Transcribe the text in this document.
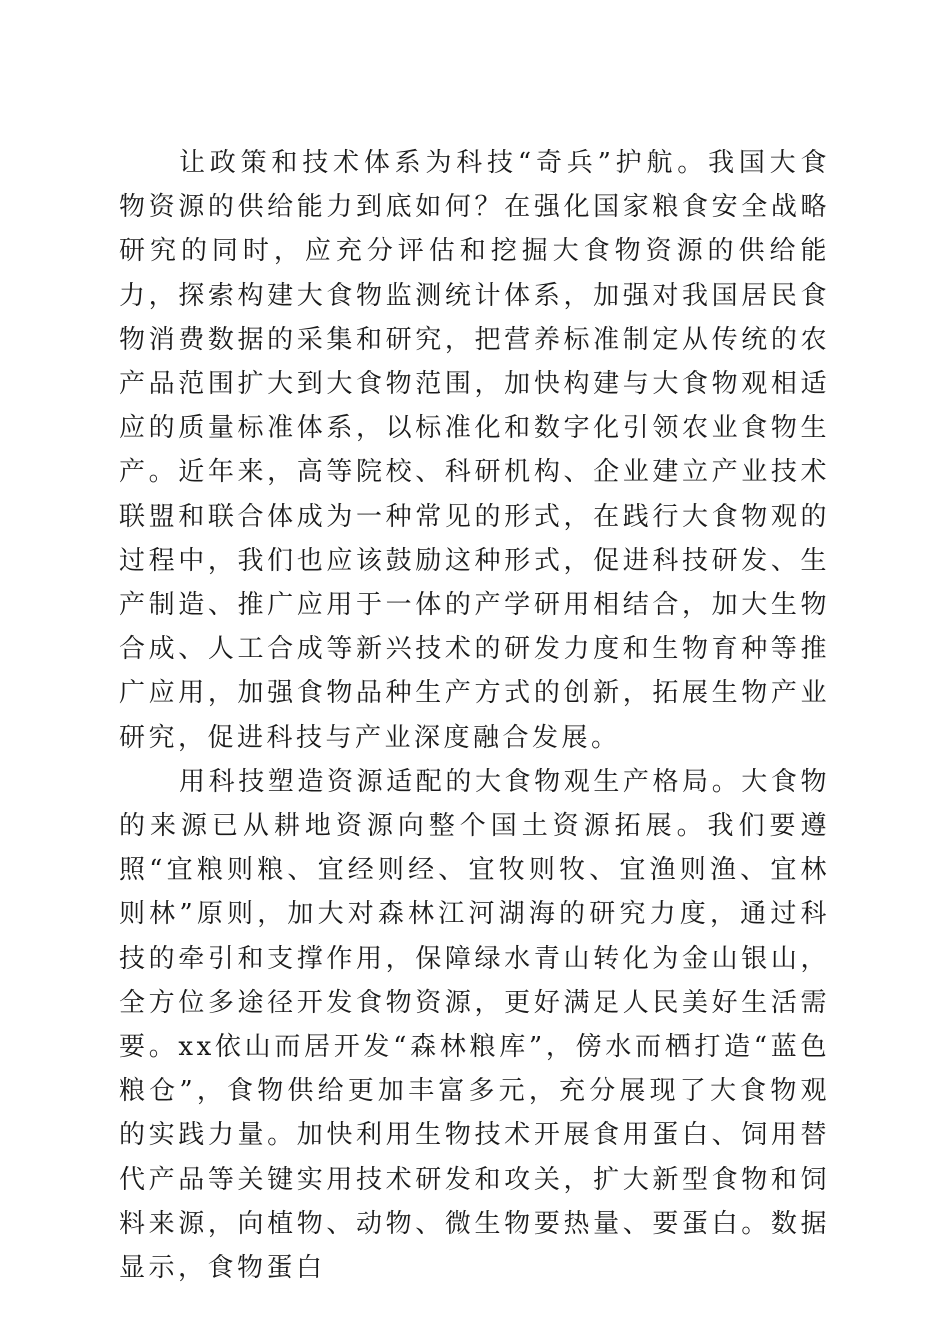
让政策和技术体系为科技“奇兵”护航。我国大食物资源的供给能力到底如何？在强化国家粮食安全战略研究的同时，应充分评估和挖掘大食物资源的供给能力，探索构建大食物监测统计体系，加强对我国居民食物消费数据的采集和研究，把营养标准制定从传统的农产品范围扩大到大食物范围，加快构建与大食物观相适应的质量标准体系，以标准化和数字化引领农业食物生产。近年来，高等院校、科研机构、企业建立产业技术联盟和联合体成为一种常见的形式，在践行大食物观的过程中，我们也应该鼓励这种形式，促进科技研发、生产制造、推广应用于一体的产学研用相结合，加大生物合成、人工合成等新兴技术的研发力度和生物育种等推广应用，加强食物品种生产方式的创新，拓展生物产业研究，促进科技与产业深度融合发展。

用科技塑造资源适配的大食物观生产格局。大食物的来源已从耕地资源向整个国土资源拓展。我们要遵照“宜粮则粮、宜经则经、宜牧则牧、宜渔则渔、宜林则林”原则，加大对森林江河湖海的研究力度，通过科技的牵引和支撑作用，保障绿水青山转化为金山银山，全方位多途径开发食物资源，更好满足人民美好生活需要。xx依山而居开发“森林粮库”，傍水而栖打造“蓝色粮仓”，食物供给更加丰富多元，充分展现了大食物观的实践力量。加快利用生物技术开展食用蛋白、饲用替代产品等关键实用技术研发和攻关，扩大新型食物和饲料来源，向植物、动物、微生物要热量、要蛋白。数据显示，食物蛋白
